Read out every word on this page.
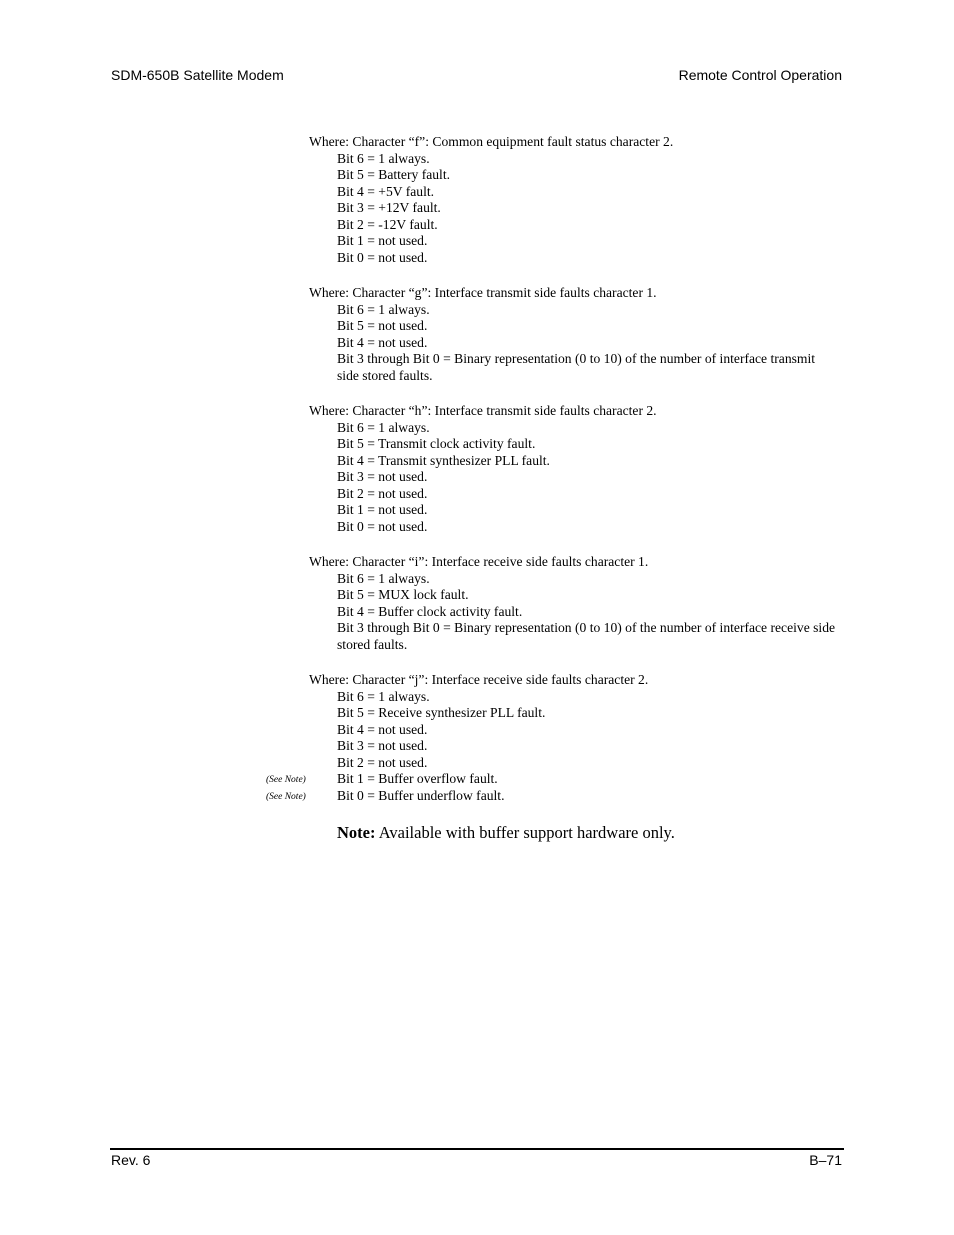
SDM-650B Satellite Modem	Remote Control Operation
Where: Character “f”: Common equipment fault status character 2.
Bit 6 = 1 always.
Bit 5 = Battery fault.
Bit 4 = +5V fault.
Bit 3 = +12V fault.
Bit 2 = -12V fault.
Bit 1 = not used.
Bit 0 = not used.
Where: Character “g”: Interface transmit side faults character 1.
Bit 6 = 1 always.
Bit 5 = not used.
Bit 4 = not used.
Bit 3 through Bit 0 = Binary representation (0 to 10) of the number of interface transmit side stored faults.
Where: Character “h”: Interface transmit side faults character 2.
Bit 6 = 1 always.
Bit 5 = Transmit clock activity fault.
Bit 4 = Transmit synthesizer PLL fault.
Bit 3 = not used.
Bit 2 = not used.
Bit 1 = not used.
Bit 0 = not used.
Where: Character “i”: Interface receive side faults character 1.
Bit 6 = 1 always.
Bit 5 = MUX lock fault.
Bit 4 = Buffer clock activity fault.
Bit 3 through Bit 0 = Binary representation (0 to 10) of the number of interface receive side stored faults.
Where: Character “j”: Interface receive side faults character 2.
Bit 6 = 1 always.
Bit 5 = Receive synthesizer PLL fault.
Bit 4 = not used.
Bit 3 = not used.
Bit 2 = not used.
(See Note)	Bit 1 = Buffer overflow fault.
(See Note)	Bit 0 = Buffer underflow fault.
Note: Available with buffer support hardware only.
Rev. 6	B–71
